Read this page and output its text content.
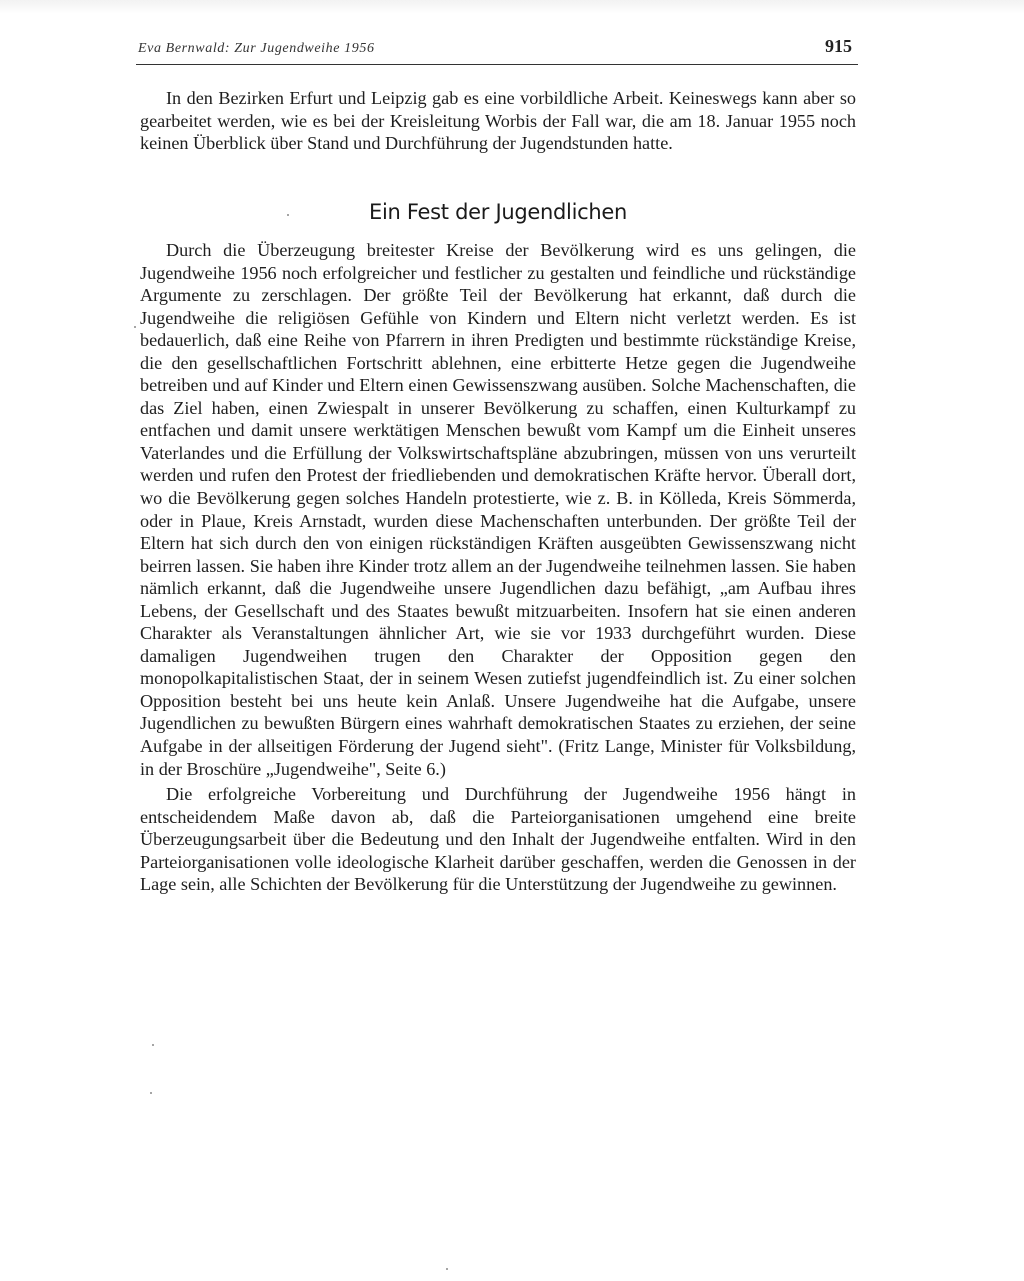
Eva Bernwald: Zur Jugendweihe 1956	915

In den Bezirken Erfurt und Leipzig gab es eine vorbildliche Arbeit. Keineswegs kann aber so gearbeitet werden, wie es bei der Kreisleitung Worbis der Fall war, die am 18. Januar 1955 noch keinen Überblick über Stand und Durchführung der Jugendstunden hatte.

Ein Fest der Jugendlichen

Durch die Überzeugung breitester Kreise der Bevölkerung wird es uns gelingen, die Jugendweihe 1956 noch erfolgreicher und festlicher zu gestalten und feindliche und rückständige Argumente zu zerschlagen. Der größte Teil der Bevölkerung hat erkannt, daß durch die Jugendweihe die religiösen Gefühle von Kindern und Eltern nicht verletzt werden. Es ist bedauerlich, daß eine Reihe von Pfarrern in ihren Predigten und bestimmte rückständige Kreise, die den gesellschaftlichen Fortschritt ablehnen, eine erbitterte Hetze gegen die Jugendweihe betreiben und auf Kinder und Eltern einen Gewissenszwang ausüben. Solche Machenschaften, die das Ziel haben, einen Zwiespalt in unserer Bevölkerung zu schaffen, einen Kulturkampf zu entfachen und damit unsere werktätigen Menschen bewußt vom Kampf um die Einheit unseres Vaterlandes und die Erfüllung der Volkswirtschaftspläne abzubringen, müssen von uns verurteilt werden und rufen den Protest der friedliebenden und demokratischen Kräfte hervor. Überall dort, wo die Bevölkerung gegen solches Handeln protestierte, wie z. B. in Kölleda, Kreis Sömmerda, oder in Plaue, Kreis Arnstadt, wurden diese Machenschaften unterbunden. Der größte Teil der Eltern hat sich durch den von einigen rückständigen Kräften ausgeübten Gewissenszwang nicht beirren lassen. Sie haben ihre Kinder trotz allem an der Jugendweihe teilnehmen lassen. Sie haben nämlich erkannt, daß die Jugendweihe unsere Jugendlichen dazu befähigt, „am Aufbau ihres Lebens, der Gesellschaft und des Staates bewußt mitzuarbeiten. Insofern hat sie einen anderen Charakter als Veranstaltungen ähnlicher Art, wie sie vor 1933 durchgeführt wurden. Diese damaligen Jugendweihen trugen den Charakter der Opposition gegen den monopolkapitalistischen Staat, der in seinem Wesen zutiefst jugendfeindlich ist. Zu einer solchen Opposition besteht bei uns heute kein Anlaß. Unsere Jugendweihe hat die Aufgabe, unsere Jugendlichen zu bewußten Bürgern eines wahrhaft demokratischen Staates zu erziehen, der seine Aufgabe in der allseitigen Förderung der Jugend sieht". (Fritz Lange, Minister für Volksbildung, in der Broschüre „Jugendweihe", Seite 6.)

Die erfolgreiche Vorbereitung und Durchführung der Jugendweihe 1956 hängt in entscheidendem Maße davon ab, daß die Parteiorganisationen umgehend eine breite Überzeugungsarbeit über die Bedeutung und den Inhalt der Jugendweihe entfalten. Wird in den Parteiorganisationen volle ideologische Klarheit darüber geschaffen, werden die Genossen in der Lage sein, alle Schichten der Bevölkerung für die Unterstützung der Jugendweihe zu gewinnen.
